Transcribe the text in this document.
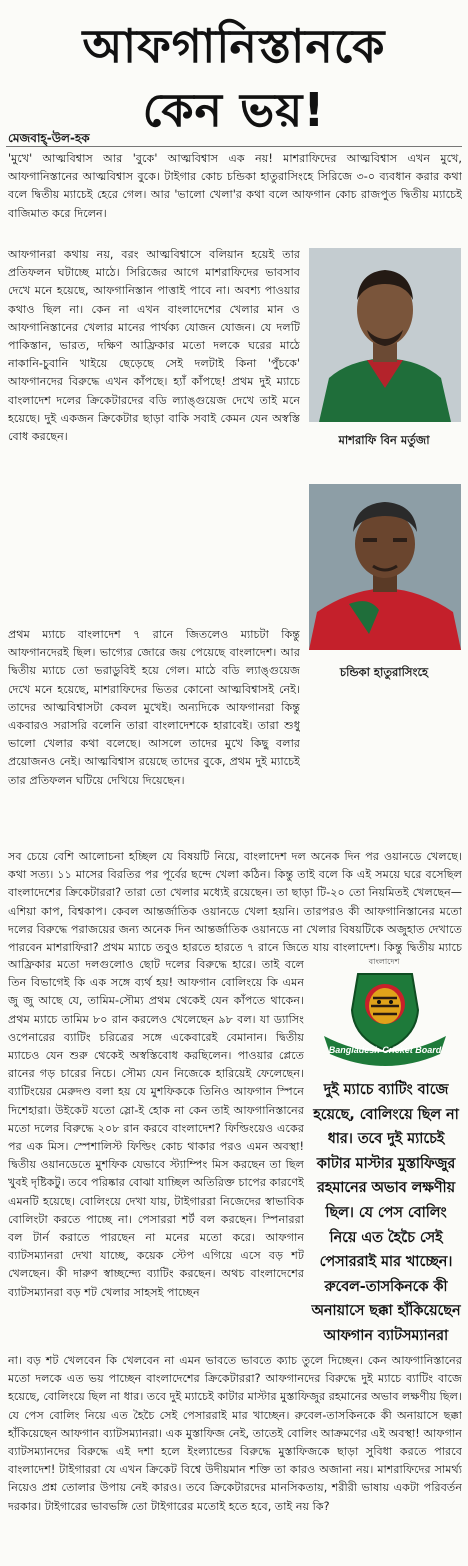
আফগানিস্তানকে
কেন ভয়!
মেজবাহ্-উল-হক
'মুখে' আত্মবিশ্বাস আর 'বুকে' আত্মবিশ্বাস এক নয়! মাশরাফিদের আত্মবিশ্বাস এখন মুখে, আফগানিস্তানের আত্মবিশ্বাস বুকে। টাইগার কোচ চন্ডিকা হাতুরাসিংহে সিরিজে ৩-০ ব্যবধান করার কথা বলে দ্বিতীয় ম্যাচেই হেরে গেল। আর 'ভালো খেলা'র কথা বলে আফগান কোচ রাজপুত দ্বিতীয় ম্যাচেই বাজিমাত করে দিলেন।
আফগানরা কথায় নয়, বরং আত্মবিশ্বাসে বলিয়ান হয়েই তার প্রতিফলন ঘটাচ্ছে মাঠে। সিরিজের আগে মাশরাফিদের ভাবসাব দেখে মনে হয়েছে, আফগানিস্তান পাত্তাই পাবে না। অবশ্য পাওয়ার কথাও ছিল না। কেন না এখন বাংলাদেশের খেলার মান ও আফগানিস্তানের খেলার মানের পার্থক্য যোজন যোজন। যে দলটি পাকিস্তান, ভারত, দক্ষিণ আফ্রিকার মতো দলকে ঘরের মাঠে নাকানি-চুবানি খাইয়ে ছেড়েছে সেই দলটাই কিনা 'পুঁচকে' আফগানদের বিরুদ্ধে এখন কাঁপছে। হ্যাঁ কাঁপছে! প্রথম দুই ম্যাচে বাংলাদেশ দলের ক্রিকেটারদের বডি ল্যাঙ্গুয়েজ দেখে তাই মনে হয়েছে। দুই একজন ক্রিকেটার ছাড়া বাকি সবাই কেমন যেন অস্বস্তি বোধ করছেন।
প্রথম ম্যাচে বাংলাদেশ ৭ রানে জিতলেও ম্যাচটা কিন্তু আফগানদেরই ছিল। ভাগ্যের জোরে জয় পেয়েছে বাংলাদেশ। আর দ্বিতীয় ম্যাচে তো ভরাডুবিই হয়ে গেল। মাঠে বডি ল্যাঙ্গুয়েজ দেখে মনে হয়েছে, মাশরাফিদের ভিতর কোনো আত্মবিশ্বাসই নেই। তাদের আত্মবিশ্বাসটা কেবল মুখেই। অন্যদিকে আফগানরা কিন্তু একবারও সরাসরি বলেনি তারা বাংলাদেশকে হারাবেই। তারা শুধু ভালো খেলার কথা বলেছে। আসলে তাদের মুখে কিছু বলার প্রয়োজনও নেই। আত্মবিশ্বাস রয়েছে তাদের বুকে, প্রথম দুই ম্যাচেই তার প্রতিফলন ঘটিয়ে দেখিয়ে দিয়েছেন।
সব চেয়ে বেশি আলোচনা হচ্ছিল যে বিষয়টি নিয়ে, বাংলাদেশ দল অনেক দিন পর ওয়ানডে খেলছে। কথা সত্য। ১১ মাসের বিরতির পর পূর্বের ছন্দে খেলা কঠিন। কিন্তু তাই বলে কি এই সময়ে ঘরে বসেছিল বাংলাদেশের ক্রিকেটাররা? তারা তো খেলার মধ্যেই রয়েছেন। তা ছাড়া টি-২০ তো নিয়মিতই খেলছেন— এশিয়া কাপ, বিশ্বকাপ। কেবল আন্তর্জাতিক ওয়ানডে খেলা হয়নি। তারপরও কী আফগানিস্তানের মতো দলের বিরুদ্ধে পরাজয়ের জন্য অনেক দিন আন্তর্জাতিক ওয়ানডে না খেলার বিষয়টিকে অজুহাত দেখাতে পারবেন মাশরাফিরা? প্রথম ম্যাচে তবুও হারতে হারতে ৭ রানে জিতে যায় বাংলাদেশ। কিন্তু দ্বিতীয় ম্যাচে
আফ্রিকার মতো দলগুলোও ছোট দলের বিরুদ্ধে হারে। তাই বলে তিন বিভাগেই কি এক সঙ্গে ব্যর্থ হয়! আফগান বোলিংয়ে কি এমন জু জু আছে যে, তামিম-সৌম্য প্রথম থেকেই যেন কাঁপতে থাকেন। প্রথম ম্যাচে তামিম ৮০ রান করলেও খেলেছেন ৯৮ বল। যা ড্যাসিং ওপেনারের ব্যাটিং চরিত্রের সঙ্গে একেবারেই বেমানান। দ্বিতীয় ম্যাচেও যেন শুরু থেকেই অস্বস্তিবোধ করছিলেন। পাওয়ার প্লেতে রানের গড় চারের নিচে। সৌম্য যেন নিজেকে হারিয়েই ফেলেছেন। ব্যাটিংয়ের মেরুদণ্ড বলা হয় যে মুশফিককে তিনিও আফগান স্পিনে দিশেহারা। উইকেট যতো স্লো-ই হোক না কেন তাই আফগানিস্তানের মতো দলের বিরুদ্ধে ২০৮ রান করবে বাংলাদেশ? ফিল্ডিংয়েও একের পর এক মিস। স্পেশালিস্ট ফিল্ডিং কোচ থাকার পরও এমন অবস্থা! দ্বিতীয় ওয়ানডেতে মুশফিক যেভাবে স্ট্যাম্পিং মিস করছেন তা ছিল খুবই দৃষ্টিকটু। তবে পরিষ্কার বোঝা যাচ্ছিল অতিরিক্ত চাপের কারণেই এমনটি হয়েছে। বোলিংয়ে দেখা যায়, টাইগাররা নিজেদের স্বাভাবিক বোলিংটা করতে পাচ্ছে না। পেসাররা শর্ট বল করছেন। স্পিনাররা বল টার্ন করাতে পারছেন না মনের মতো করে। আফগান ব্যাটসম্যানরা দেখা যাচ্ছে, কয়েক স্টেপ এগিয়ে এসে বড় শট খেলছেন। কী দারুণ স্বাচ্ছন্দ্যে ব্যাটিং করছেন। অথচ বাংলাদেশের ব্যাটসম্যানরা বড় শট খেলার সাহসই পাচ্ছেন
না। বড় শট খেলবেন কি খেলবেন না এমন ভাবতে ভাবতে ক্যাচ তুলে দিচ্ছেন। কেন আফগানিস্তানের মতো দলকে এত ভয় পাচ্ছেন বাংলাদেশের ক্রিকেটাররা? আফগানদের বিরুদ্ধে দুই ম্যাচে ব্যাটিং বাজে হয়েছে, বোলিংয়ে ছিল না ধার। তবে দুই ম্যাচেই কাটার মাস্টার মুস্তাফিজুর রহমানের অভাব লক্ষণীয় ছিল। যে পেস বোলিং নিয়ে এত হৈচৈ সেই পেসাররাই মার খাচ্ছেন। রুবেল-তাসকিনকে কী অনায়াসে ছক্কা হাঁকিয়েছেন আফগান ব্যাটসম্যানরা। এক মুস্তাফিজ নেই, তাতেই বোলিং আক্রমণের এই অবস্থা! আফগান ব্যাটসম্যানদের বিরুদ্ধে এই দশা হলে ইংল্যান্ডের বিরুদ্ধে মুস্তাফিজকে ছাড়া সুবিধা করতে পারবে বাংলাদেশ! টাইগাররা যে এখন ক্রিকেট বিশ্বে উদীয়মান শক্তি তা কারও অজানা নয়। মাশরাফিদের সামর্থ্য নিয়েও প্রশ্ন তোলার উপায় নেই কারও। তবে ক্রিকেটারদের মানসিকতায়, শরীরী ভাষায় একটা পরিবর্তন দরকার। টাইগারের ভাবভঙ্গি তো টাইগারের মতোই হতে হবে, তাই নয় কি?
মাশরাফি বিন মর্তুজা
চন্ডিকা হাতুরাসিংহে
বাংলাদেশ
Bangladesh Cricket Board
দুই ম্যাচে ব্যাটিং বাজে হয়েছে, বোলিংয়ে ছিল না ধার। তবে দুই ম্যাচেই কাটার মাস্টার মুস্তাফিজুর রহমানের অভাব লক্ষণীয় ছিল। যে পেস বোলিং নিয়ে এত হৈচৈ সেই পেসাররাই মার খাচ্ছেন। রুবেল-তাসকিনকে কী অনায়াসে ছক্কা হাঁকিয়েছেন আফগান ব্যাটসম্যানরা
